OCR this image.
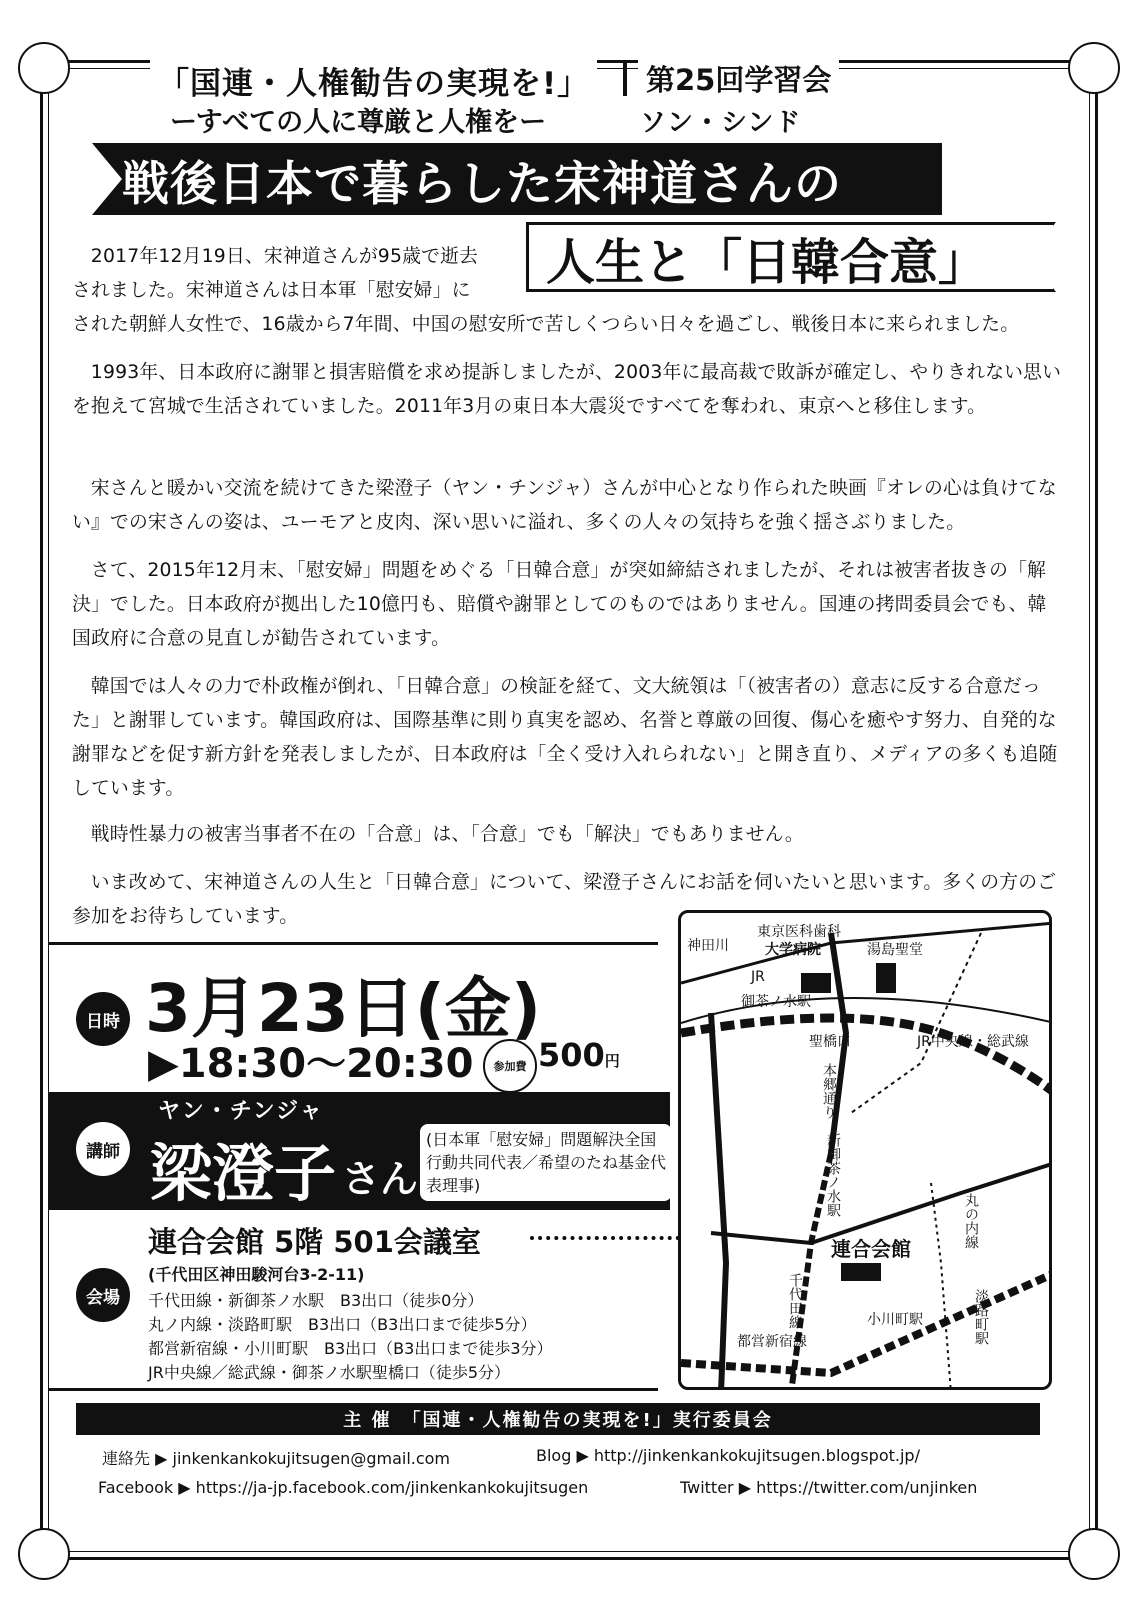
「国連・人権勧告の実現を!」 第25回学習会
ーすべての人に尊厳と人権をー	ソン・シンド
戦後日本で暮らした宋神道さんの
人生と「日韓合意」
2017年12月19日、宋神道さんが95歳で逝去
されました。宋神道さんは日本軍「慰安婦」に
された朝鮮人女性で、16歳から7年間、中国の慰安所で苦しくつらい日々を過ごし、戦後日本に来られました。
1993年、日本政府に謝罪と損害賠償を求め提訴しましたが、2003年に最高裁で敗訴が確定し、やりきれない思いを抱えて宮城で生活されていました。2011年3月の東日本大震災ですべてを奪われ、東京へと移住します。
宋さんと暖かい交流を続けてきた梁澄子（ヤン・チンジャ）さんが中心となり作られた映画『オレの心は負けてない』での宋さんの姿は、ユーモアと皮肉、深い思いに溢れ、多くの人々の気持ちを強く揺さぶりました。
さて、2015年12月末、「慰安婦」問題をめぐる「日韓合意」が突如締結されましたが、それは被害者抜きの「解決」でした。日本政府が拠出した10億円も、賠償や謝罪としてのものではありません。国連の拷問委員会でも、韓国政府に合意の見直しが勧告されています。
韓国では人々の力で朴政権が倒れ、「日韓合意」の検証を経て、文大統領は「（被害者の）意志に反する合意だった」と謝罪しています。韓国政府は、国際基準に則り真実を認め、名誉と尊厳の回復、傷心を癒やす努力、自発的な謝罪などを促す新方針を発表しましたが、日本政府は「全く受け入れられない」と開き直り、メディアの多くも追随しています。
戦時性暴力の被害当事者不在の「合意」は、「合意」でも「解決」でもありません。
いま改めて、宋神道さんの人生と「日韓合意」について、梁澄子さんにお話を伺いたいと思います。多くの方のご参加をお待ちしています。
日時 3月23日(金)
▶18:30〜20:30	参加費 500円
講師
ヤン・チンジャ
梁澄子 さん
(日本軍「慰安婦」問題解決全国行動共同代表／希望のたね基金代表理事)
連合会館 5階 501会議室
(千代田区神田駿河台3-2-11)
会場	千代田線・新御茶ノ水駅　B3出口（徒歩0分）
丸ノ内線・淡路町駅　B3出口（B3出口まで徒歩5分）
都営新宿線・小川町駅　B3出口（B3出口まで徒歩3分）
JR中央線／総武線・御茶ノ水駅聖橋口（徒歩5分）
神田川
東京医科歯科
大学病院	湯島聖堂
JR
御茶ノ水駅
聖橋口	JR中央線・総武線
本郷通り
新御茶ノ水駅
連合会館	丸の内線
千代田線	小川町駅	淡路町駅
都営新宿線
主 催　「国連・人権勧告の実現を!」実行委員会
連絡先 ▶ jinkenkankokujitsugen@gmail.com	Blog ▶ http://jinkenkankokujitsugen.blogspot.jp/
Facebook ▶ https://ja-jp.facebook.com/jinkenkankokujitsugen	Twitter ▶ https://twitter.com/unjinken
